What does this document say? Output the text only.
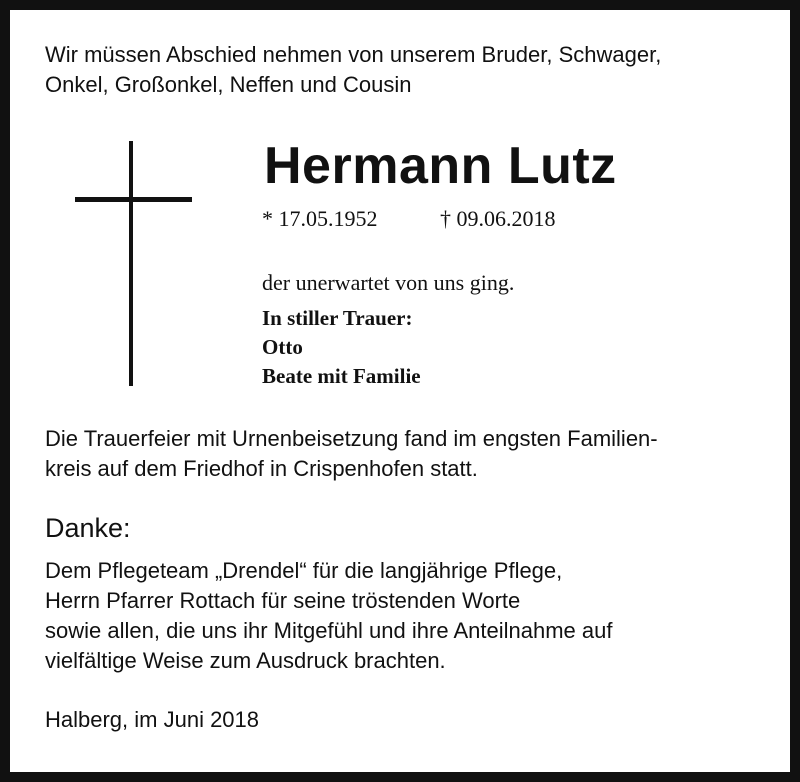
Wir müssen Abschied nehmen von unserem Bruder, Schwager,
Onkel, Großonkel, Neffen und Cousin

Hermann Lutz
* 17.05.1952	† 09.06.2018

der unerwartet von uns ging.

In stiller Trauer:
Otto
Beate mit Familie

Die Trauerfeier mit Urnenbeisetzung fand im engsten Familien-
kreis auf dem Friedhof in Crispenhofen statt.

Danke:

Dem Pflegeteam „Drendel“ für die langjährige Pflege,
Herrn Pfarrer Rottach für seine tröstenden Worte
sowie allen, die uns ihr Mitgefühl und ihre Anteilnahme auf
vielfältige Weise zum Ausdruck brachten.

Halberg, im Juni 2018
